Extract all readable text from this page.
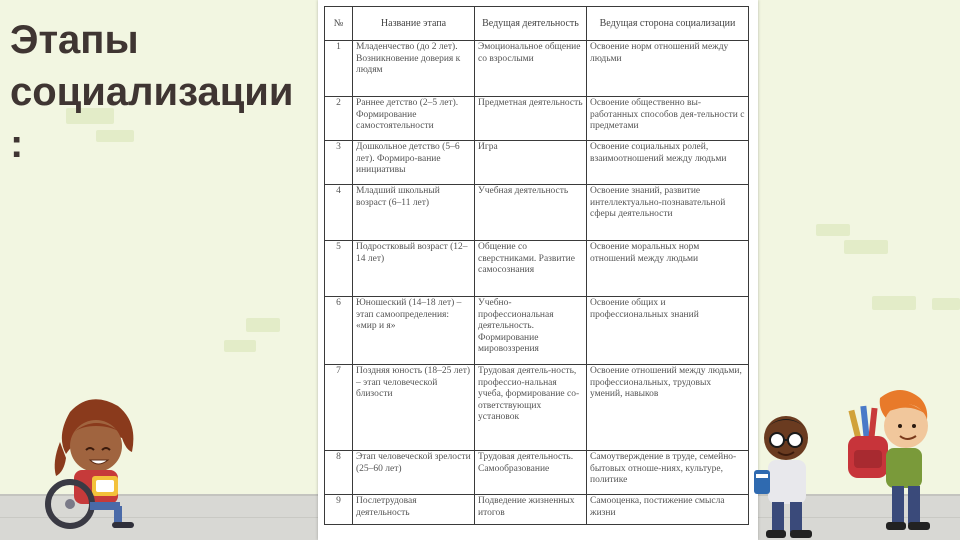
Этапы
социализации :
№	Название этапа	Ведущая деятельность	Ведущая сторона социализации
1	Младенчество (до 2 лет). Возникновение доверия к людям	Эмоциональное общение со взрослыми	Освоение норм отношений между людьми
2	Раннее детство (2–5 лет). Формирование самостоятельности	Предметная деятельность	Освоение общественно вы-работанных способов дея-тельности с предметами
3	Дошкольное детство (5–6 лет). Формиро-вание инициативы	Игра	Освоение социальных ролей, взаимоотношений между людьми
4	Младший школьный возраст (6–11 лет)	Учебная деятельность	Освоение знаний, развитие интеллектуально-познавательной сферы деятельности
5	Подростковый возраст (12–14 лет)	Общение со сверстниками. Развитие самосознания	Освоение моральных норм отношений между людьми
6	Юношеский (14–18 лет) – этап самоопределения: «мир и я»	Учебно-профессиональная деятельность. Формирование мировоззрения	Освоение общих и профессиональных знаний
7	Поздняя юность (18–25 лет) – этап человеческой близости	Трудовая деятель-ность, профессио-нальная учеба, формирование со-ответствующих установок	Освоение отношений между людьми, профессиональных, трудовых умений, навыков
8	Этап человеческой зрелости (25–60 лет)	Трудовая деятельность. Самообразование	Самоутверждение в труде, семейно-бытовых отноше-ниях, культуре, политике
9	Послетрудовая деятельность	Подведение жизненных итогов	Самооценка, постижение смысла жизни
